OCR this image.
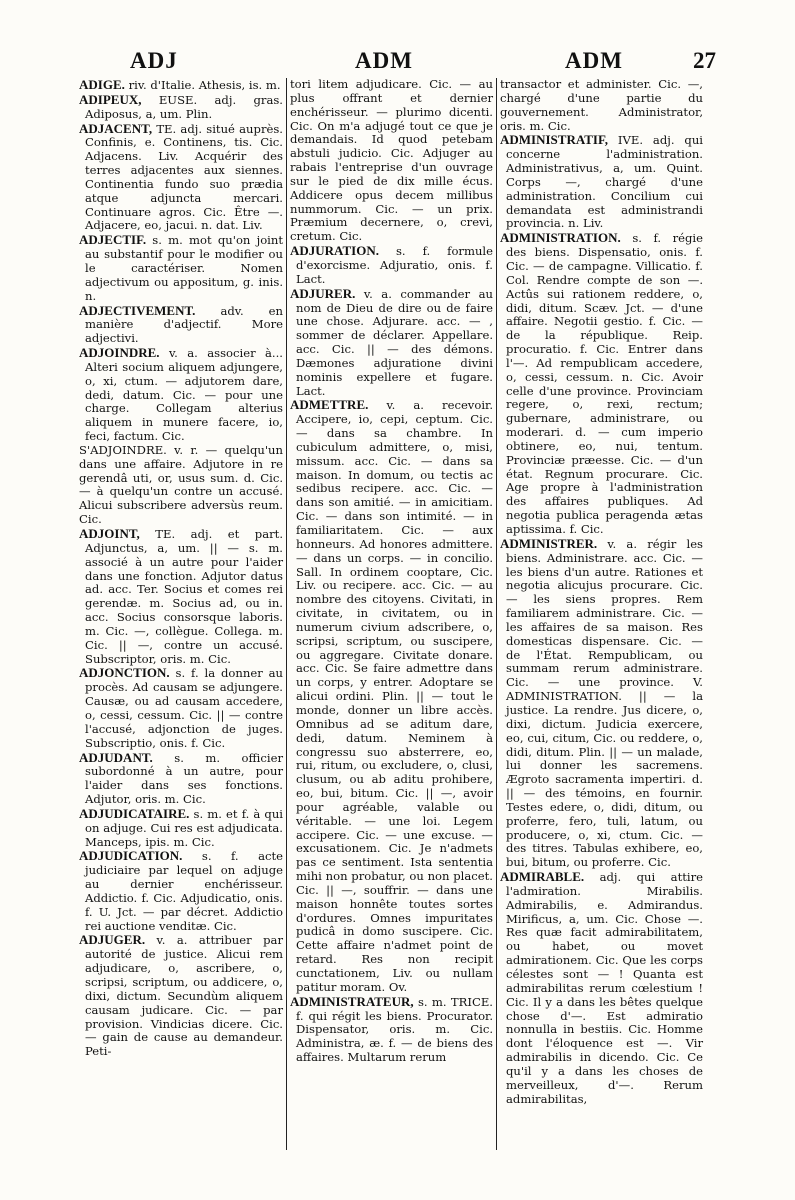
ADJ	ADM	ADM	27

ADIGE. riv. d'Italie. Athesis, is. m.

ADIPEUX, EUSE. adj. gras. Adiposus, a, um. Plin.

ADJACENT, TE. adj. situé auprès. Confinis, e. Continens, tis. Cic. Adjacens. Liv. Acquérir des terres adjacentes aux siennes. Continentia fundo suo prædia atque adjuncta mercari. Continuare agros. Cic. Être —. Adjacere, eo, jacui. n. dat. Liv.

ADJECTIF. s. m. mot qu'on joint au substantif pour le modifier ou le caractériser. Nomen adjectivum ou appositum, g. inis. n.

ADJECTIVEMENT. adv. en manière d'adjectif. More adjectivi.

ADJOINDRE. v. a. associer à... Alteri socium aliquem adjungere, o, xi, ctum. — adjutorem dare, dedi, datum. Cic. — pour une charge. Collegam alterius aliquem in munere facere, io, feci, factum. Cic.

S'ADJOINDRE. v. r. — quelqu'un dans une affaire. Adjutore in re gerendâ uti, or, usus sum. d. Cic. — à quelqu'un contre un accusé. Alicui subscribere adversùs reum. Cic.

ADJOINT, TE. adj. et part. Adjunctus, a, um. || — s. m. associé à un autre pour l'aider dans une fonction. Adjutor datus ad. acc. Ter. Socius et comes rei gerendæ. m. Socius ad, ou in. acc. Socius consorsque laboris. m. Cic. —, collègue. Collega. m. Cic. || —, contre un accusé. Subscriptor, oris. m. Cic.

ADJONCTION. s. f. la donner au procès. Ad causam se adjungere. Causæ, ou ad causam accedere, o, cessi, cessum. Cic. || — contre l'accusé, adjonction de juges. Subscriptio, onis. f. Cic.

ADJUDANT. s. m. officier subordonné à un autre, pour l'aider dans ses fonctions. Adjutor, oris. m. Cic.

ADJUDICATAIRE. s. m. et f. à qui on adjuge. Cui res est adjudicata. Manceps, ipis. m. Cic.

ADJUDICATION. s. f. acte judiciaire par lequel on adjuge au dernier enchérisseur. Addictio. f. Cic. Adjudicatio, onis. f. U. Jct. — par décret. Addictio rei auctione venditæ. Cic.

ADJUGER. v. a. attribuer par autorité de justice. Alicui rem adjudicare, o, ascribere, o, scripsi, scriptum, ou addicere, o, dixi, dictum. Secundùm aliquem causam judicare. Cic. — par provision. Vindicias dicere. Cic. — gain de cause au demandeur. Peti-

tori litem adjudicare. Cic. — au plus offrant et dernier enchérisseur. — plurimo dicenti. Cic. On m'a adjugé tout ce que je demandais. Id quod petebam abstuli judicio. Cic. Adjuger au rabais l'entreprise d'un ouvrage sur le pied de dix mille écus. Addicere opus decem millibus nummorum. Cic. — un prix. Præmium decernere, o, crevi, cretum. Cic.

ADJURATION. s. f. formule d'exorcisme. Adjuratio, onis. f. Lact.

ADJURER. v. a. commander au nom de Dieu de dire ou de faire une chose. Adjurare. acc. — , sommer de déclarer. Appellare. acc. Cic. || — des démons. Dæmones adjuratione divini nominis expellere et fugare. Lact.

ADMETTRE. v. a. recevoir. Accipere, io, cepi, ceptum. Cic. — dans sa chambre. In cubiculum admittere, o, misi, missum. acc. Cic. — dans sa maison. In domum, ou tectis ac sedibus recipere. acc. Cic. — dans son amitié. — in amicitiam. Cic. — dans son intimité. — in familiaritatem. Cic. — aux honneurs. Ad honores admittere. — dans un corps. — in concilio. Sall. In ordinem cooptare, Cic. Liv. ou recipere. acc. Cic. — au nombre des citoyens. Civitati, in civitate, in civitatem, ou in numerum civium adscribere, o, scripsi, scriptum, ou suscipere, ou aggregare. Civitate donare. acc. Cic. Se faire admettre dans un corps, y entrer. Adoptare se alicui ordini. Plin. || — tout le monde, donner un libre accès. Omnibus ad se aditum dare, dedi, datum. Neminem à congressu suo absterrere, eo, rui, ritum, ou excludere, o, clusi, clusum, ou ab aditu prohibere, eo, bui, bitum. Cic. || —, avoir pour agréable, valable ou véritable. — une loi. Legem accipere. Cic. — une excuse. — excusationem. Cic. Je n'admets pas ce sentiment. Ista sententia mihi non probatur, ou non placet. Cic. || —, souffrir. — dans une maison honnête toutes sortes d'ordures. Omnes impuritates pudicâ in domo suscipere. Cic. Cette affaire n'admet point de retard. Res non recipit cunctationem, Liv. ou nullam patitur moram. Ov.

ADMINISTRATEUR, s. m. TRICE. f. qui régit les biens. Procurator. Dispensator, oris. m. Cic. Administra, æ. f. — de biens des affaires. Multarum rerum

transactor et administer. Cic. —, chargé d'une partie du gouvernement. Administrator, oris. m. Cic.

ADMINISTRATIF, IVE. adj. qui concerne l'administration. Administrativus, a, um. Quint. Corps —, chargé d'une administration. Concilium cui demandata est administrandi provincia. n. Liv.

ADMINISTRATION. s. f. régie des biens. Dispensatio, onis. f. Cic. — de campagne. Villicatio. f. Col. Rendre compte de son —. Actûs sui rationem reddere, o, didi, ditum. Scæv. Jct. — d'une affaire. Negotii gestio. f. Cic. — de la république. Reip. procuratio. f. Cic. Entrer dans l'—. Ad rempublicam accedere, o, cessi, cessum. n. Cic. Avoir celle d'une province. Provinciam regere, o, rexi, rectum; gubernare, administrare, ou moderari. d. — cum imperio obtinere, eo, nui, tentum. Provinciæ præesse. Cic. — d'un état. Regnum procurare. Cic. Age propre à l'administration des affaires publiques. Ad negotia publica peragenda ætas aptissima. f. Cic.

ADMINISTRER. v. a. régir les biens. Administrare. acc. Cic. — les biens d'un autre. Rationes et negotia alicujus procurare. Cic. — les siens propres. Rem familiarem administrare. Cic. — les affaires de sa maison. Res domesticas dispensare. Cic. — de l'État. Rempublicam, ou summam rerum administrare. Cic. — une province. V. ADMINISTRATION. || — la justice. La rendre. Jus dicere, o, dixi, dictum. Judicia exercere, eo, cui, citum, Cic. ou reddere, o, didi, ditum. Plin. || — un malade, lui donner les sacremens. Ægroto sacramenta impertiri. d. || — des témoins, en fournir. Testes edere, o, didi, ditum, ou proferre, fero, tuli, latum, ou producere, o, xi, ctum. Cic. — des titres. Tabulas exhibere, eo, bui, bitum, ou proferre. Cic.

ADMIRABLE. adj. qui attire l'admiration. Mirabilis. Admirabilis, e. Admirandus. Mirificus, a, um. Cic. Chose —. Res quæ facit admirabilitatem, ou habet, ou movet admirationem. Cic. Que les corps célestes sont — ! Quanta est admirabilitas rerum cœlestium ! Cic. Il y a dans les bêtes quelque chose d'—. Est admiratio nonnulla in bestiis. Cic. Homme dont l'éloquence est —. Vir admirabilis in dicendo. Cic. Ce qu'il y a dans les choses de merveilleux, d'—. Rerum admirabilitas,
